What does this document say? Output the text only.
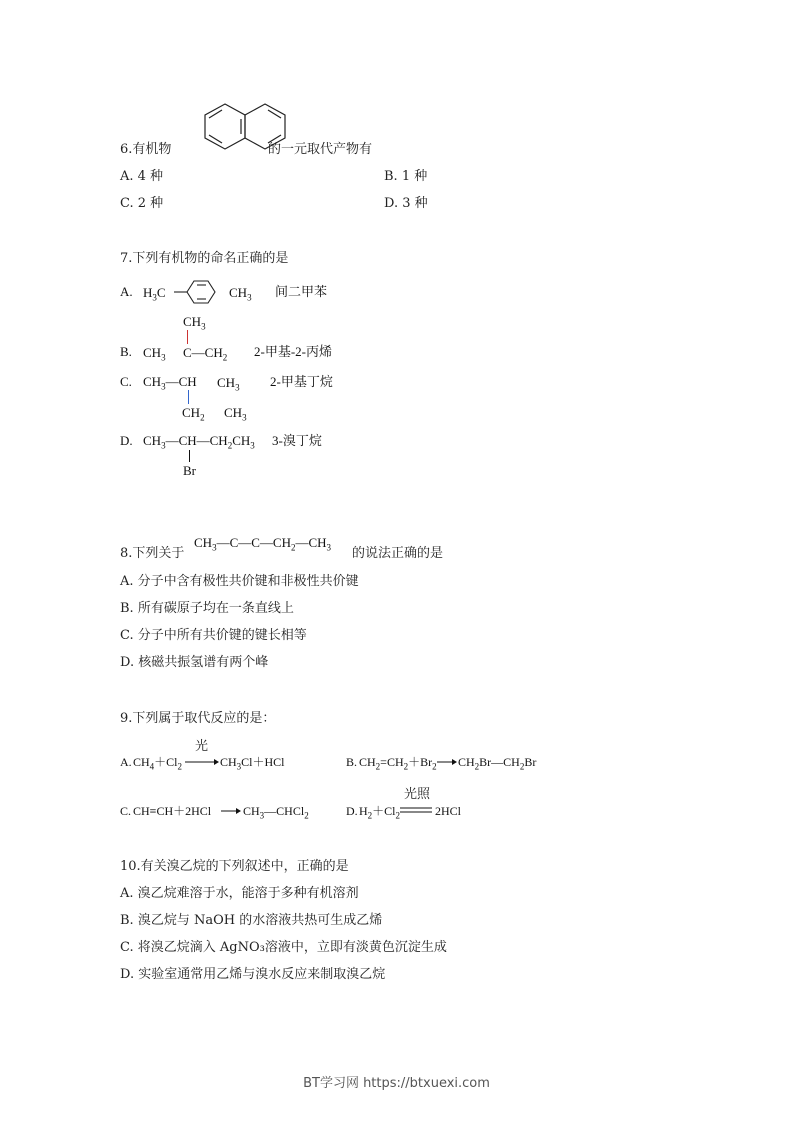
6.有机物	的一元取代产物有
A. 4 种	B. 1 种
C. 2 种	D. 3 种
7.下列有机物的命名正确的是
A. $H_3C$	$CH_3$ 间二甲苯
$CH_3$
B. $CH_3$ $C—CH_2$ 2-甲基-2-丙烯
C. $CH_3—CH$ $CH_3$ 2-甲基丁烷
$CH_2$ $CH_3$
D. $CH_3—CH—CH_2CH_3$ 3-溴丁烷
Br
$CH_3—C—C—CH_2—CH_3$
8.下列关于	的说法正确的是
A. 分子中含有极性共价键和非极性共价键
B. 所有碳原子均在一条直线上
C. 分子中所有共价键的键长相等
D. 核磁共振氢谱有两个峰
9.下列属于取代反应的是：
光
A. $CH_4+Cl_2$	$CH_3Cl+HCl$	B. $CH_2=CH_2+Br_2$ $CH_2Br—CH_2Br$
C. CH≡CH＋2HCl	$CH_3—CHCl_2$
光照
D. $H_2+Cl_2$	2HCl
10.有关溴乙烷的下列叙述中，正确的是
A. 溴乙烷难溶于水，能溶于多种有机溶剂
B. 溴乙烷与 NaOH 的水溶液共热可生成乙烯
C. 将溴乙烷滴入 AgNO₃溶液中，立即有淡黄色沉淀生成
D. 实验室通常用乙烯与溴水反应来制取溴乙烷
BT学习网 https://btxuexi.com
